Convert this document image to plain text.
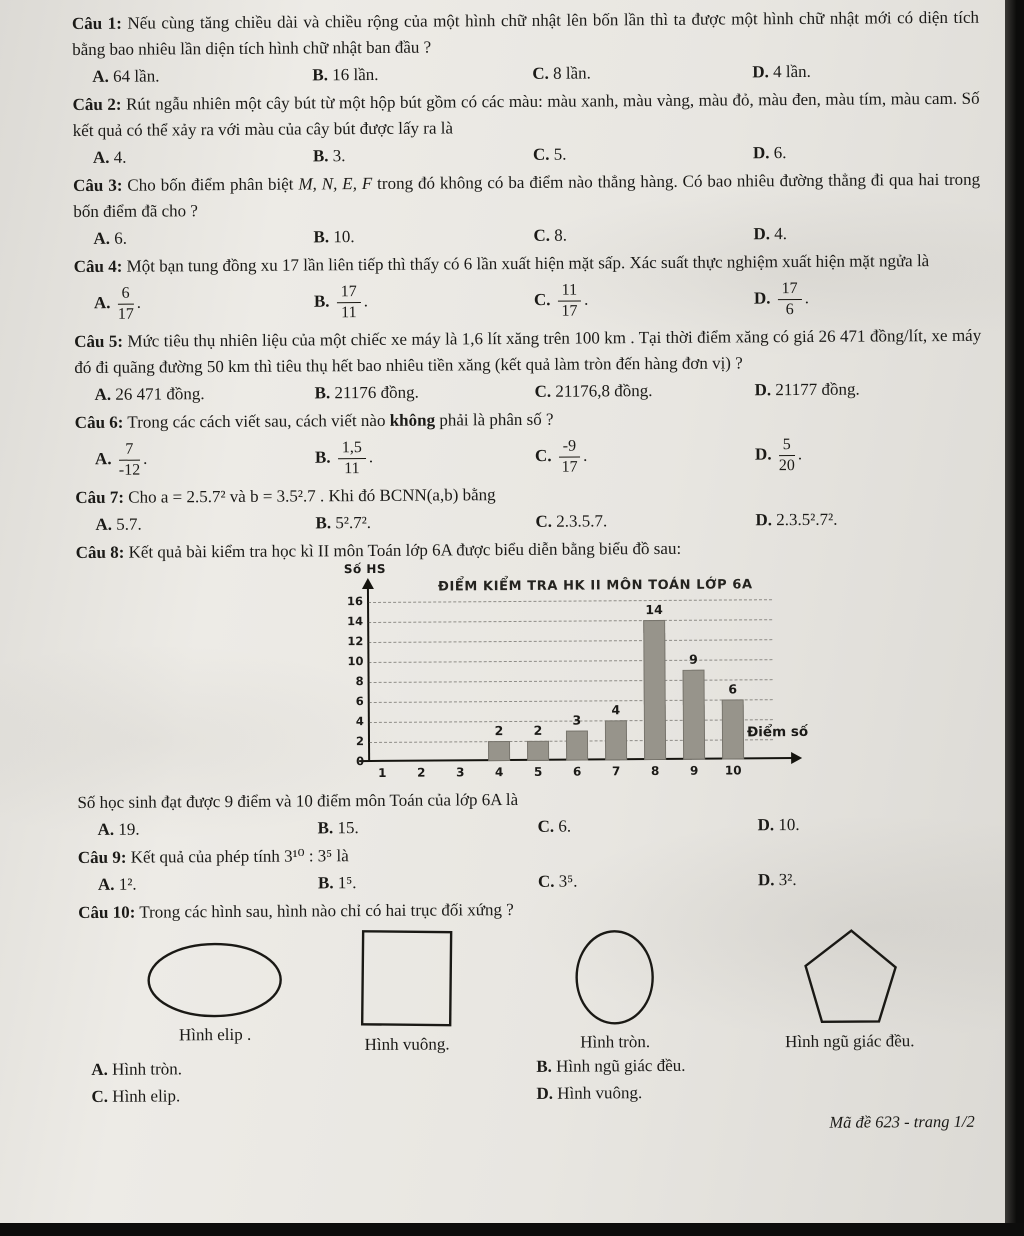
Câu 1: Nếu cùng tăng chiều dài và chiều rộng của một hình chữ nhật lên bốn lần thì ta được một hình chữ nhật mới có diện tích bằng bao nhiêu lần diện tích hình chữ nhật ban đầu ?

A. 64 lần.	B. 16 lần.	C. 8 lần.	D. 4 lần.

Câu 2: Rút ngẫu nhiên một cây bút từ một hộp bút gồm có các màu: màu xanh, màu vàng, màu đỏ, màu đen, màu tím, màu cam. Số kết quả có thể xảy ra với màu của cây bút được lấy ra là

A. 4.	B. 3.	C. 5.	D. 6.

Câu 3: Cho bốn điểm phân biệt M, N, E, F trong đó không có ba điểm nào thẳng hàng. Có bao nhiêu đường thẳng đi qua hai trong bốn điểm đã cho ?

A. 6.	B. 10.	C. 8.	D. 4.

Câu 4: Một bạn tung đồng xu 17 lần liên tiếp thì thấy có 6 lần xuất hiện mặt sấp. Xác suất thực nghiệm xuất hiện mặt ngửa là

A. $\frac{6}{17}$ .	B. $\frac{17}{11}$ .	C. $\frac{11}{17}$ .	D. $\frac{17}{6}$ .

Câu 5: Mức tiêu thụ nhiên liệu của một chiếc xe máy là 1,6 lít xăng trên 100 km . Tại thời điểm xăng có giá 26 471 đồng/lít, xe máy đó đi quãng đường 50 km thì tiêu thụ hết bao nhiêu tiền xăng (kết quả làm tròn đến hàng đơn vị) ?

A. 26 471 đồng.	B. 21176 đồng.	C. 21176,8 đồng.	D. 21177 đồng.

Câu 6: Trong các cách viết sau, cách viết nào không phải là phân số ?

A. $\frac{7}{-12}$ .	B. $\frac{1,5}{11}$ .	C. $\frac{-9}{17}$ .	D. $\frac{5}{20}$ .

Câu 7: Cho a = 2.5.7² và b = 3.5².7 . Khi đó BCNN(a,b) bằng

A. 5.7.	B. 5².7².	C. 2.3.5.7.	D. 2.3.5².7².

Câu 8: Kết quả bài kiểm tra học kì II môn Toán lớp 6A được biểu diễn bằng biểu đồ sau:

Số HS
ĐIỂM KIỂM TRA HK II MÔN TOÁN LỚP 6A
Điểm số
0
2
4
6
8
10
12
14
16
1	2	3	4
2
5
2
6
3
7
4
8
14
9
9
10
6

Số học sinh đạt được 9 điểm và 10 điểm môn Toán của lớp 6A là

A. 19.	B. 15.	C. 6.	D. 10.

Câu 9: Kết quả của phép tính 3¹⁰ : 3⁵ là

A. 1².	B. 1⁵.	C. 3⁵.	D. 3².

Câu 10: Trong các hình sau, hình nào chỉ có hai trục đối xứng ?

Hình elip .	Hình vuông.	Hình tròn.	Hình ngũ giác đều.
A. Hình tròn.	B. Hình ngũ giác đều.
C. Hình elip.	D. Hình vuông.
Mã đề 623 - trang 1/2
